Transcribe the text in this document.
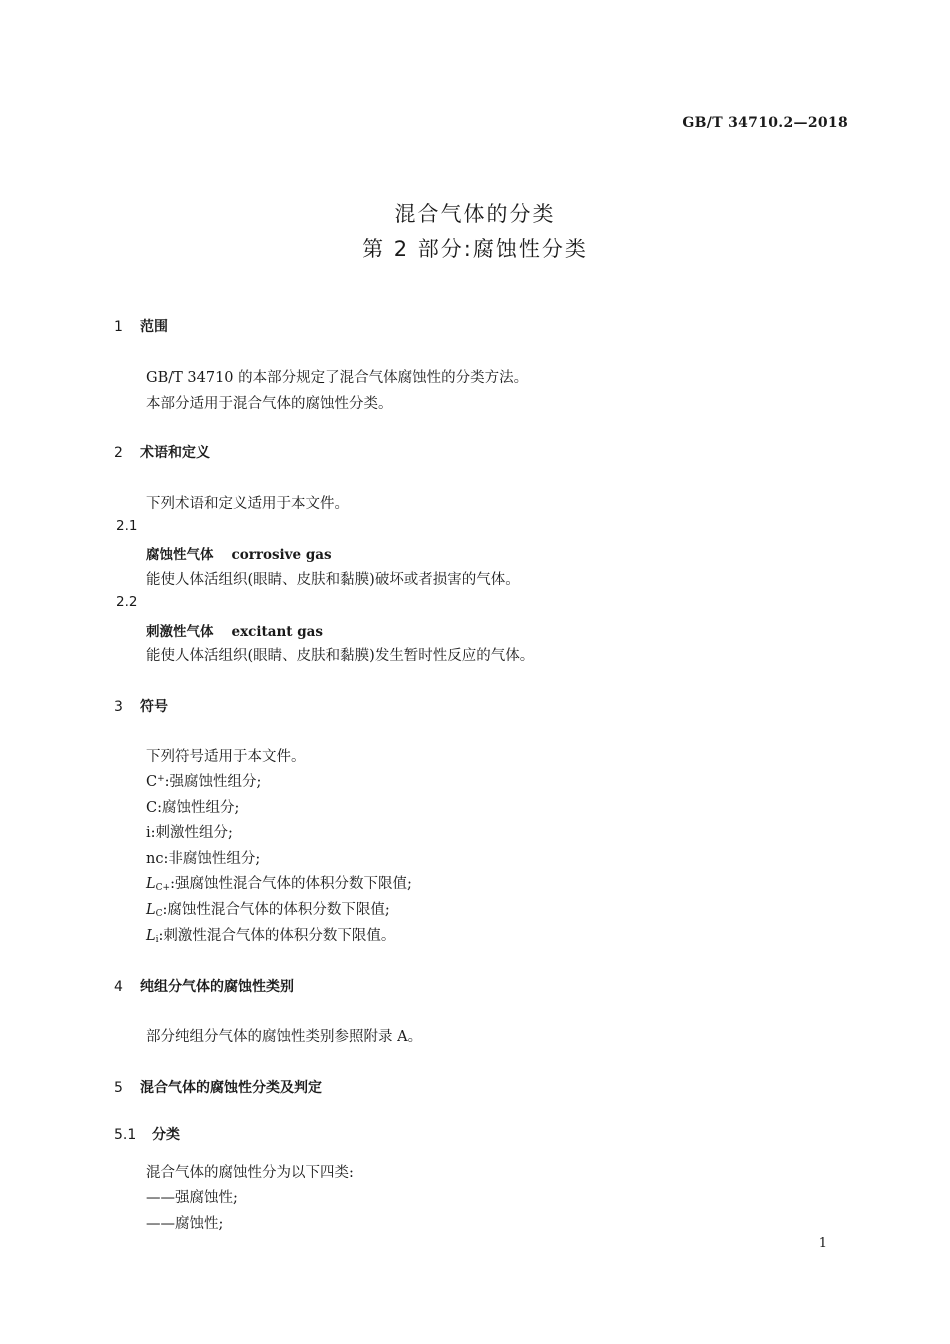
GB/T 34710.2—2018
混合气体的分类
第 2 部分:腐蚀性分类
1 范围
GB/T 34710 的本部分规定了混合气体腐蚀性的分类方法。
本部分适用于混合气体的腐蚀性分类。
2 术语和定义
下列术语和定义适用于本文件。
2.1
腐蚀性气体 corrosive gas
能使人体活组织(眼睛、皮肤和黏膜)破坏或者损害的气体。
2.2
刺激性气体 excitant gas
能使人体活组织(眼睛、皮肤和黏膜)发生暂时性反应的气体。
3 符号
下列符号适用于本文件。
C+:强腐蚀性组分;
C:腐蚀性组分;
i:刺激性组分;
nc:非腐蚀性组分;
$L_{C+}$:强腐蚀性混合气体的体积分数下限值;
$L_C$:腐蚀性混合气体的体积分数下限值;
$L_i$:刺激性混合气体的体积分数下限值。
4 纯组分气体的腐蚀性类别
部分纯组分气体的腐蚀性类别参照附录 A。
5 混合气体的腐蚀性分类及判定
5.1 分类
混合气体的腐蚀性分为以下四类:
——强腐蚀性;
——腐蚀性;
1
